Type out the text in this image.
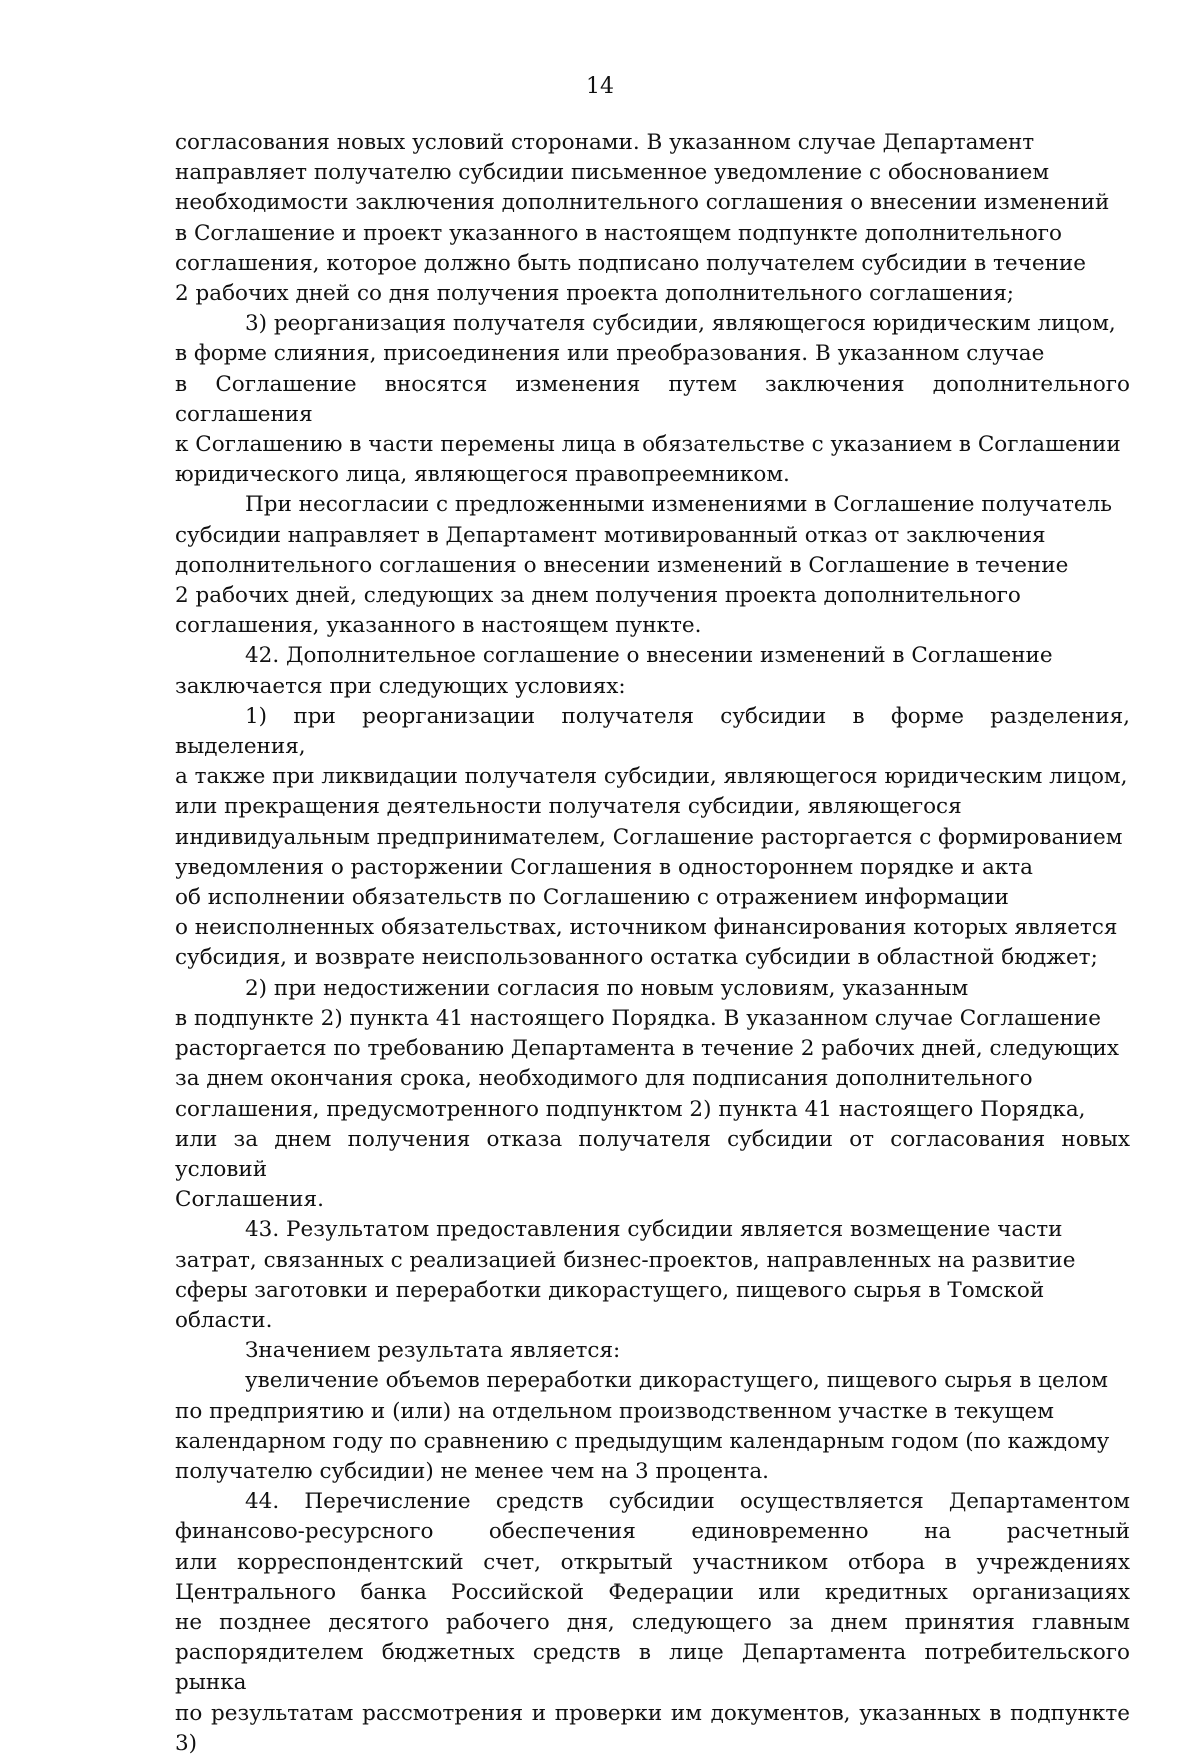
14

согласования новых условий сторонами. В указанном случае Департамент
направляет получателю субсидии письменное уведомление с обоснованием
необходимости заключения дополнительного соглашения о внесении изменений
в Соглашение и проект указанного в настоящем подпункте дополнительного
соглашения, которое должно быть подписано получателем субсидии в течение
2 рабочих дней со дня получения проекта дополнительного соглашения;

3) реорганизация получателя субсидии, являющегося юридическим лицом,
в форме слияния, присоединения или преобразования. В указанном случае
в Соглашение вносятся изменения путем заключения дополнительного соглашения
к Соглашению в части перемены лица в обязательстве с указанием в Соглашении
юридического лица, являющегося правопреемником.

При несогласии с предложенными изменениями в Соглашение получатель
субсидии направляет в Департамент мотивированный отказ от заключения
дополнительного соглашения о внесении изменений в Соглашение в течение
2 рабочих дней, следующих за днем получения проекта дополнительного
соглашения, указанного в настоящем пункте.

42. Дополнительное соглашение о внесении изменений в Соглашение
заключается при следующих условиях:

1) при реорганизации получателя субсидии в форме разделения, выделения,
а также при ликвидации получателя субсидии, являющегося юридическим лицом,
или прекращения деятельности получателя субсидии, являющегося
индивидуальным предпринимателем, Соглашение расторгается с формированием
уведомления о расторжении Соглашения в одностороннем порядке и акта
об исполнении обязательств по Соглашению с отражением информации
о неисполненных обязательствах, источником финансирования которых является
субсидия, и возврате неиспользованного остатка субсидии в областной бюджет;

2) при недостижении согласия по новым условиям, указанным
в подпункте 2) пункта 41 настоящего Порядка. В указанном случае Соглашение
расторгается по требованию Департамента в течение 2 рабочих дней, следующих
за днем окончания срока, необходимого для подписания дополнительного
соглашения, предусмотренного подпунктом 2) пункта 41 настоящего Порядка,
или за днем получения отказа получателя субсидии от согласования новых условий
Соглашения.

43. Результатом предоставления субсидии является возмещение части
затрат, связанных с реализацией бизнес-проектов, направленных на развитие
сферы заготовки и переработки дикорастущего, пищевого сырья в Томской
области.

Значением результата является:

увеличение объемов переработки дикорастущего, пищевого сырья в целом
по предприятию и (или) на отдельном производственном участке в текущем
календарном году по сравнению с предыдущим календарным годом (по каждому
получателю субсидии) не менее чем на 3 процента.

44. Перечисление средств субсидии осуществляется Департаментом
финансово-ресурсного обеспечения единовременно на расчетный
или корреспондентский счет, открытый участником отбора в учреждениях
Центрального банка Российской Федерации или кредитных организациях
не позднее десятого рабочего дня, следующего за днем принятия главным
распорядителем бюджетных средств в лице Департамента потребительского рынка
по результатам рассмотрения и проверки им документов, указанных в подпункте 3)
